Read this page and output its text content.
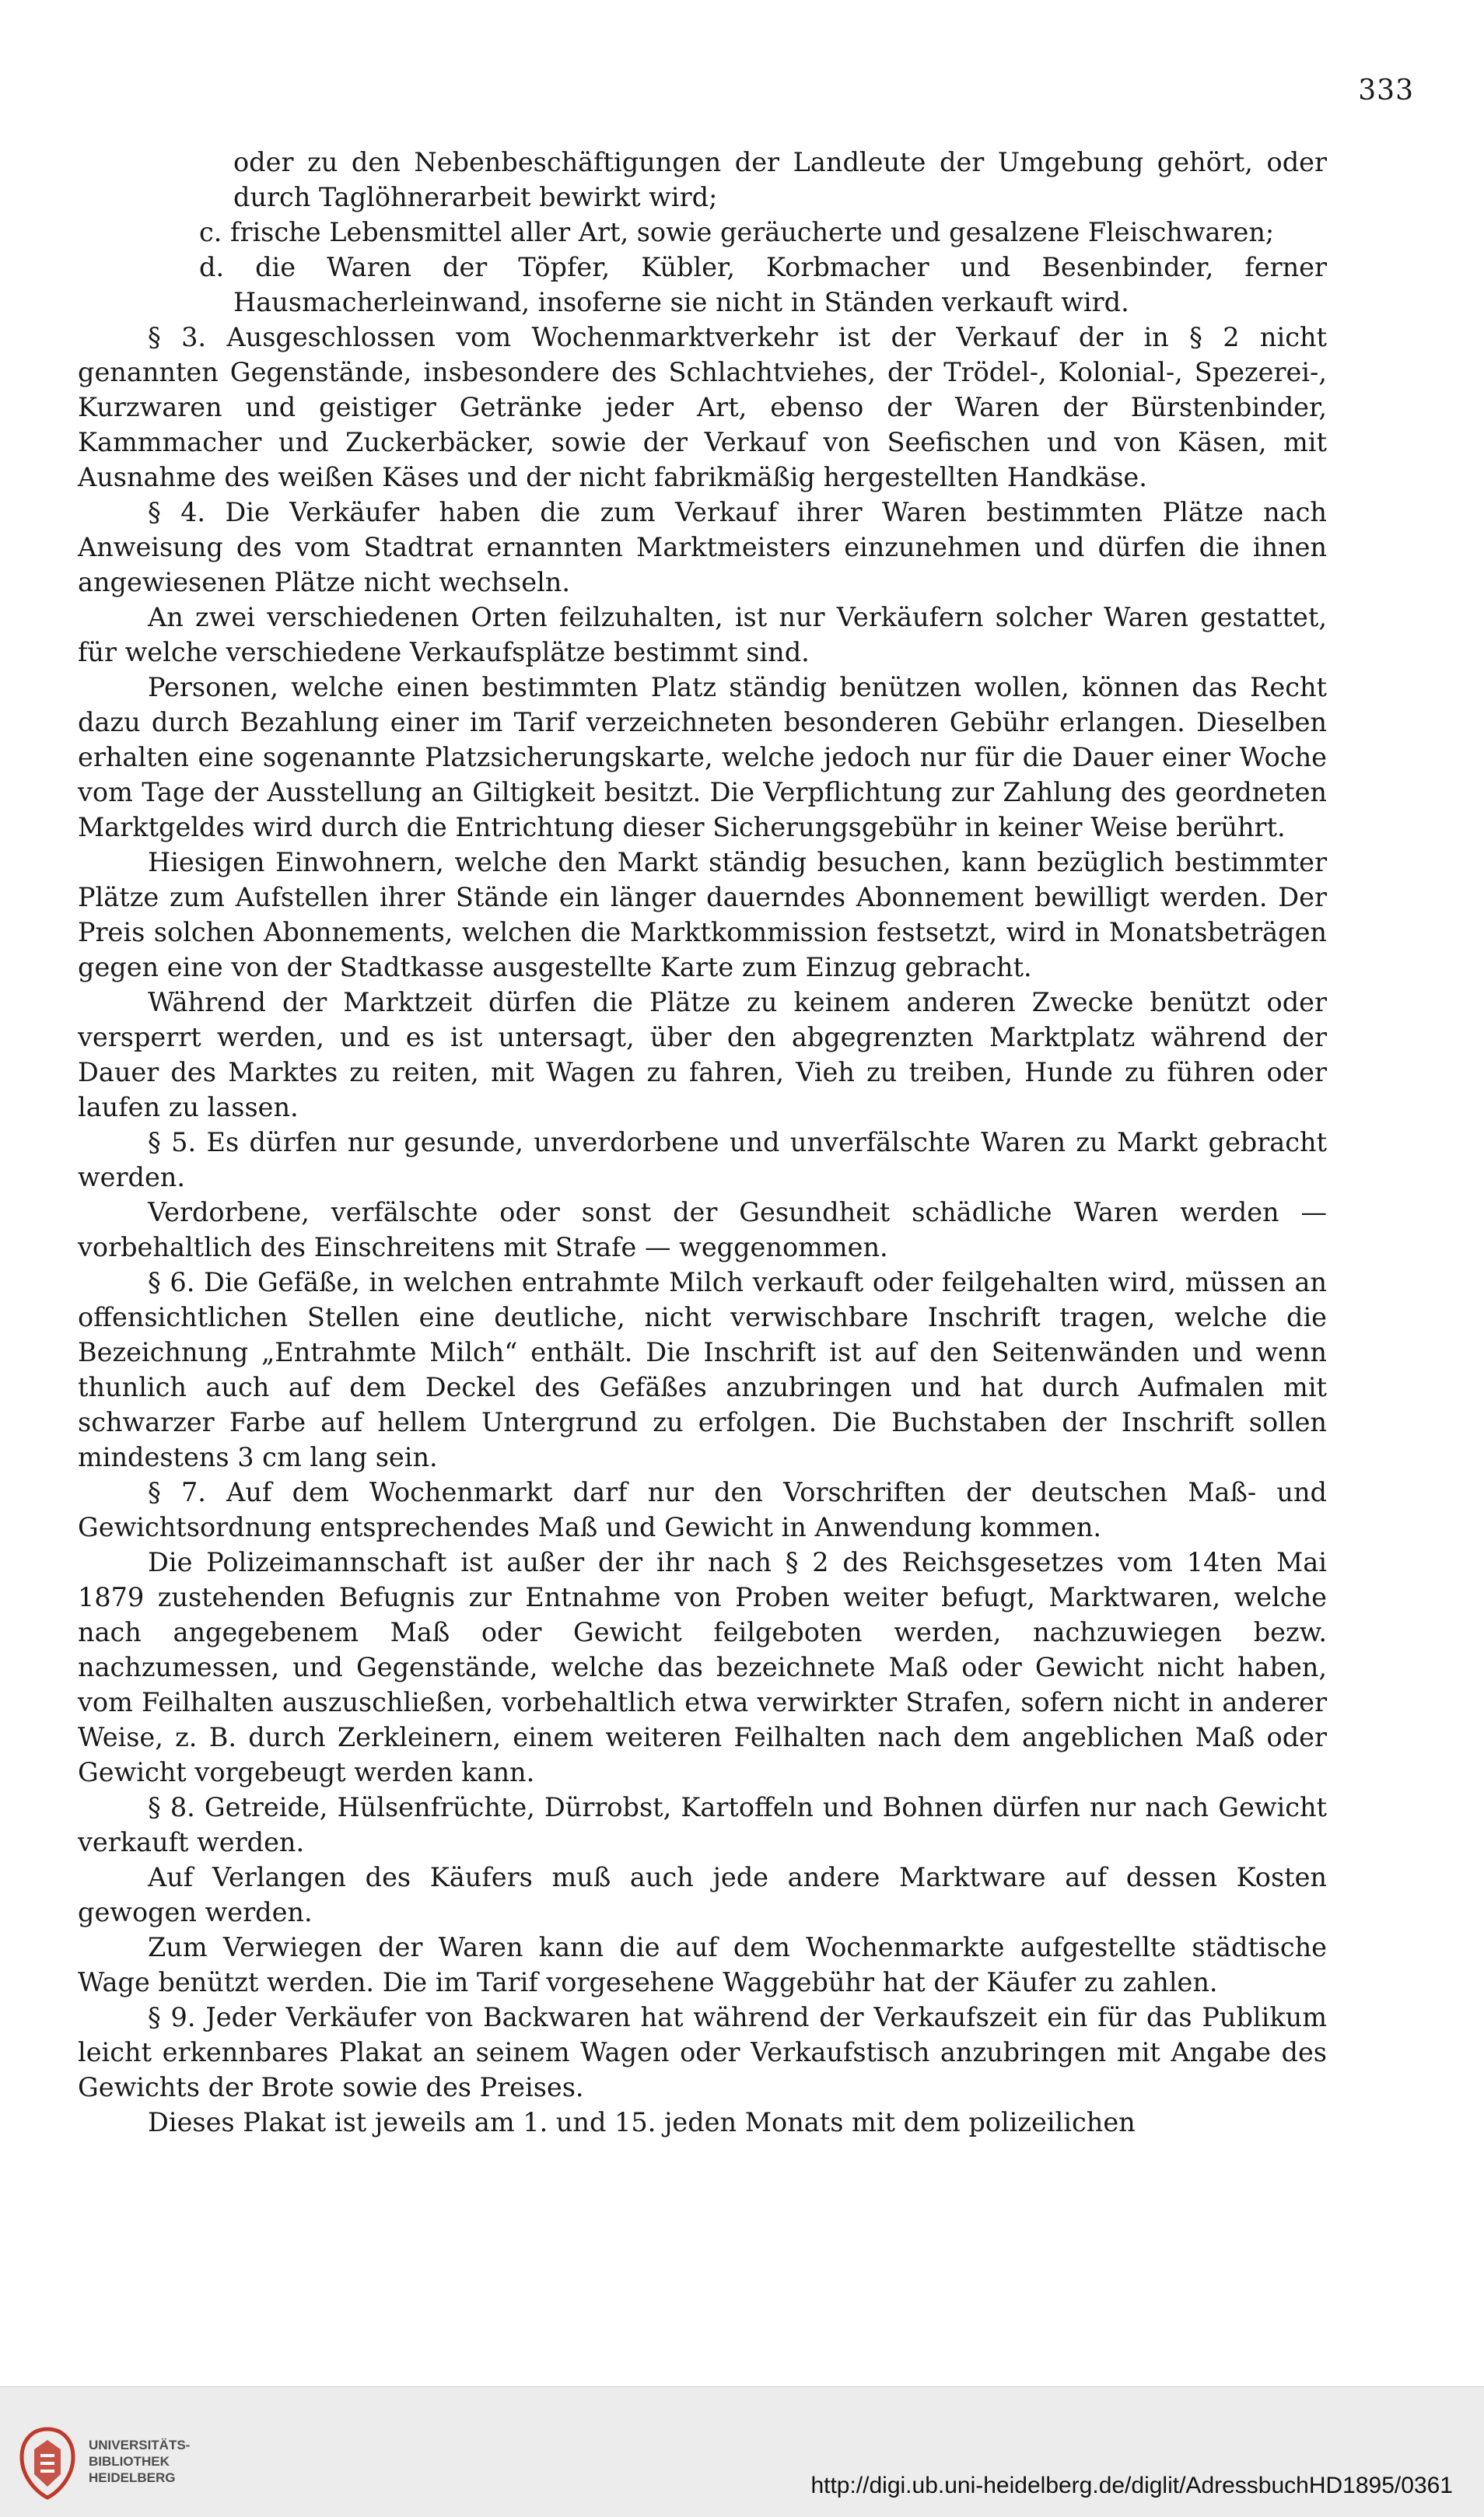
333

oder zu den Nebenbeschäftigungen der Landleute der Umgebung gehört, oder durch Taglöhnerarbeit bewirkt wird;

c. frische Lebensmittel aller Art, sowie geräucherte und gesalzene Fleischwaren;

d. die Waren der Töpfer, Kübler, Korbmacher und Besenbinder, ferner Hausmacherleinwand, insoferne sie nicht in Ständen verkauft wird.

§ 3. Ausgeschlossen vom Wochenmarktverkehr ist der Verkauf der in § 2 nicht genannten Gegenstände, insbesondere des Schlachtviehes, der Trödel-, Kolonial-, Spezerei-, Kurzwaren und geistiger Getränke jeder Art, ebenso der Waren der Bürstenbinder, Kammmacher und Zuckerbäcker, sowie der Verkauf von Seefischen und von Käsen, mit Ausnahme des weißen Käses und der nicht fabrikmäßig hergestellten Handkäse.

§ 4. Die Verkäufer haben die zum Verkauf ihrer Waren bestimmten Plätze nach Anweisung des vom Stadtrat ernannten Marktmeisters einzunehmen und dürfen die ihnen angewiesenen Plätze nicht wechseln.

An zwei verschiedenen Orten feilzuhalten, ist nur Verkäufern solcher Waren gestattet, für welche verschiedene Verkaufsplätze bestimmt sind.

Personen, welche einen bestimmten Platz ständig benützen wollen, können das Recht dazu durch Bezahlung einer im Tarif verzeichneten besonderen Gebühr erlangen. Dieselben erhalten eine sogenannte Platzsicherungskarte, welche jedoch nur für die Dauer einer Woche vom Tage der Ausstellung an Giltigkeit besitzt. Die Verpflichtung zur Zahlung des geordneten Marktgeldes wird durch die Entrichtung dieser Sicherungsgebühr in keiner Weise berührt.

Hiesigen Einwohnern, welche den Markt ständig besuchen, kann bezüglich bestimmter Plätze zum Aufstellen ihrer Stände ein länger dauerndes Abonnement bewilligt werden. Der Preis solchen Abonnements, welchen die Marktkommission festsetzt, wird in Monatsbeträgen gegen eine von der Stadtkasse ausgestellte Karte zum Einzug gebracht.

Während der Marktzeit dürfen die Plätze zu keinem anderen Zwecke benützt oder versperrt werden, und es ist untersagt, über den abgegrenzten Marktplatz während der Dauer des Marktes zu reiten, mit Wagen zu fahren, Vieh zu treiben, Hunde zu führen oder laufen zu lassen.

§ 5. Es dürfen nur gesunde, unverdorbene und unverfälschte Waren zu Markt gebracht werden.

Verdorbene, verfälschte oder sonst der Gesundheit schädliche Waren werden — vorbehaltlich des Einschreitens mit Strafe — weggenommen.

§ 6. Die Gefäße, in welchen entrahmte Milch verkauft oder feilgehalten wird, müssen an offensichtlichen Stellen eine deutliche, nicht verwischbare Inschrift tragen, welche die Bezeichnung „Entrahmte Milch“ enthält. Die Inschrift ist auf den Seitenwänden und wenn thunlich auch auf dem Deckel des Gefäßes anzubringen und hat durch Aufmalen mit schwarzer Farbe auf hellem Untergrund zu erfolgen. Die Buchstaben der Inschrift sollen mindestens 3 cm lang sein.

§ 7. Auf dem Wochenmarkt darf nur den Vorschriften der deutschen Maß- und Gewichtsordnung entsprechendes Maß und Gewicht in Anwendung kommen.

Die Polizeimannschaft ist außer der ihr nach § 2 des Reichsgesetzes vom 14ten Mai 1879 zustehenden Befugnis zur Entnahme von Proben weiter befugt, Marktwaren, welche nach angegebenem Maß oder Gewicht feilgeboten werden, nachzuwiegen bezw. nachzumessen, und Gegenstände, welche das bezeichnete Maß oder Gewicht nicht haben, vom Feilhalten auszuschließen, vorbehaltlich etwa verwirkter Strafen, sofern nicht in anderer Weise, z. B. durch Zerkleinern, einem weiteren Feilhalten nach dem angeblichen Maß oder Gewicht vorgebeugt werden kann.

§ 8. Getreide, Hülsenfrüchte, Dürrobst, Kartoffeln und Bohnen dürfen nur nach Gewicht verkauft werden.

Auf Verlangen des Käufers muß auch jede andere Marktware auf dessen Kosten gewogen werden.

Zum Verwiegen der Waren kann die auf dem Wochenmarkte aufgestellte städtische Wage benützt werden. Die im Tarif vorgesehene Waggebühr hat der Käufer zu zahlen.

§ 9. Jeder Verkäufer von Backwaren hat während der Verkaufszeit ein für das Publikum leicht erkennbares Plakat an seinem Wagen oder Verkaufstisch anzubringen mit Angabe des Gewichts der Brote sowie des Preises.

Dieses Plakat ist jeweils am 1. und 15. jeden Monats mit dem polizeilichen

UNIVERSITÄTS-
BIBLIOTHEK
HEIDELBERG	http://digi.ub.uni-heidelberg.de/diglit/AdressbuchHD1895/0361
